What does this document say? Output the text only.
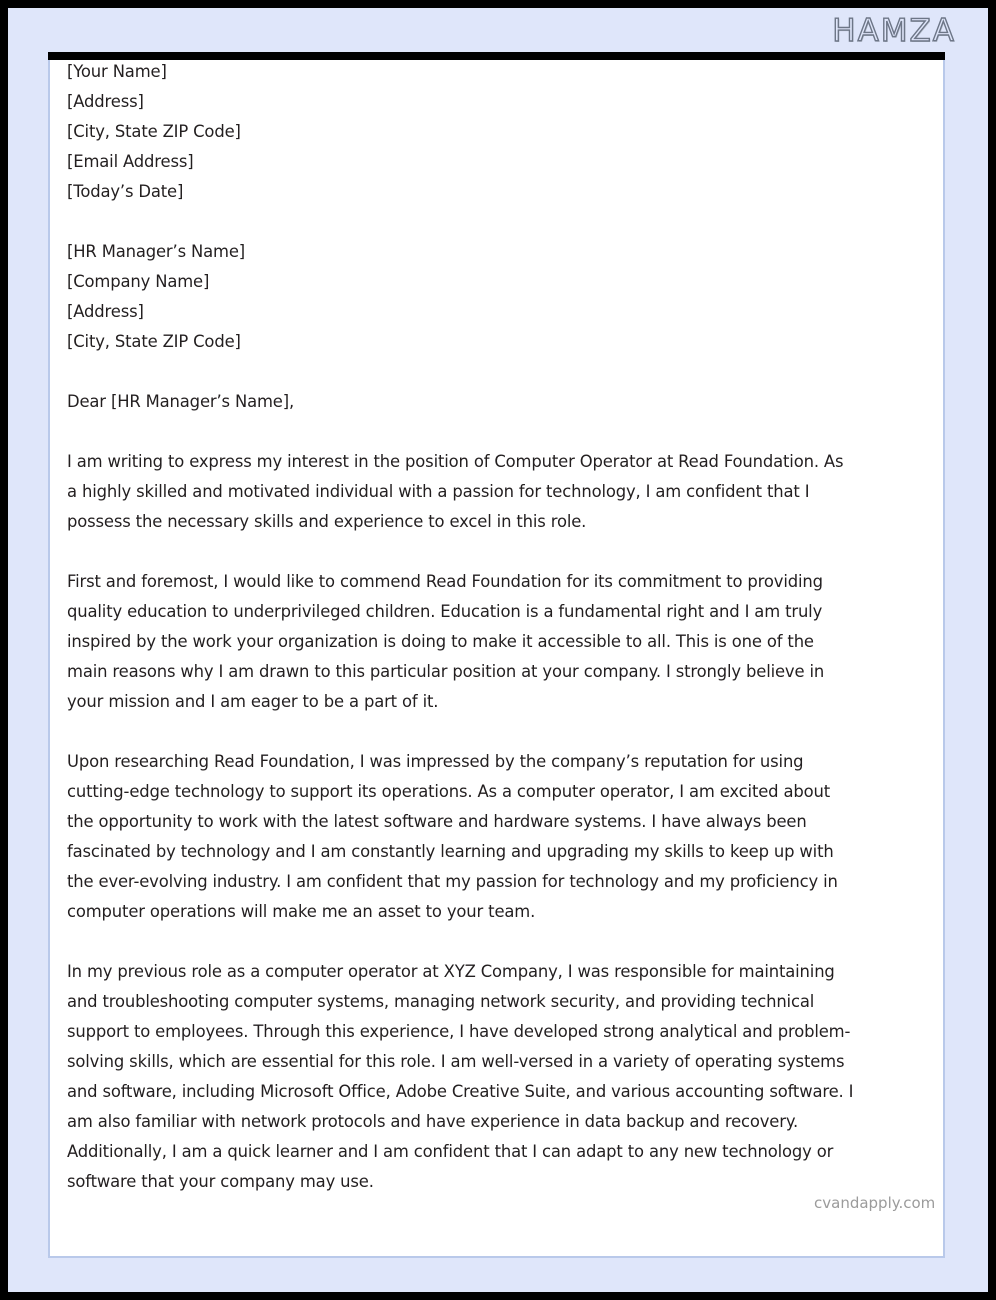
HAMZA
[Your Name]
[Address]
[City, State ZIP Code]
[Email Address]
[Today’s Date]
[HR Manager’s Name]
[Company Name]
[Address]
[City, State ZIP Code]
Dear [HR Manager’s Name],

I am writing to express my interest in the position of Computer Operator at Read Foundation. As a highly skilled and motivated individual with a passion for technology, I am confident that I possess the necessary skills and experience to excel in this role.

First and foremost, I would like to commend Read Foundation for its commitment to providing quality education to underprivileged children. Education is a fundamental right and I am truly inspired by the work your organization is doing to make it accessible to all. This is one of the main reasons why I am drawn to this particular position at your company. I strongly believe in your mission and I am eager to be a part of it.

Upon researching Read Foundation, I was impressed by the company’s reputation for using cutting-edge technology to support its operations. As a computer operator, I am excited about the opportunity to work with the latest software and hardware systems. I have always been fascinated by technology and I am constantly learning and upgrading my skills to keep up with the ever-evolving industry. I am confident that my passion for technology and my proficiency in computer operations will make me an asset to your team.

In my previous role as a computer operator at XYZ Company, I was responsible for maintaining and troubleshooting computer systems, managing network security, and providing technical support to employees. Through this experience, I have developed strong analytical and problem-solving skills, which are essential for this role. I am well-versed in a variety of operating systems and software, including Microsoft Office, Adobe Creative Suite, and various accounting software. I am also familiar with network protocols and have experience in data backup and recovery. Additionally, I am a quick learner and I am confident that I can adapt to any new technology or software that your company may use.

cvandapply.com
